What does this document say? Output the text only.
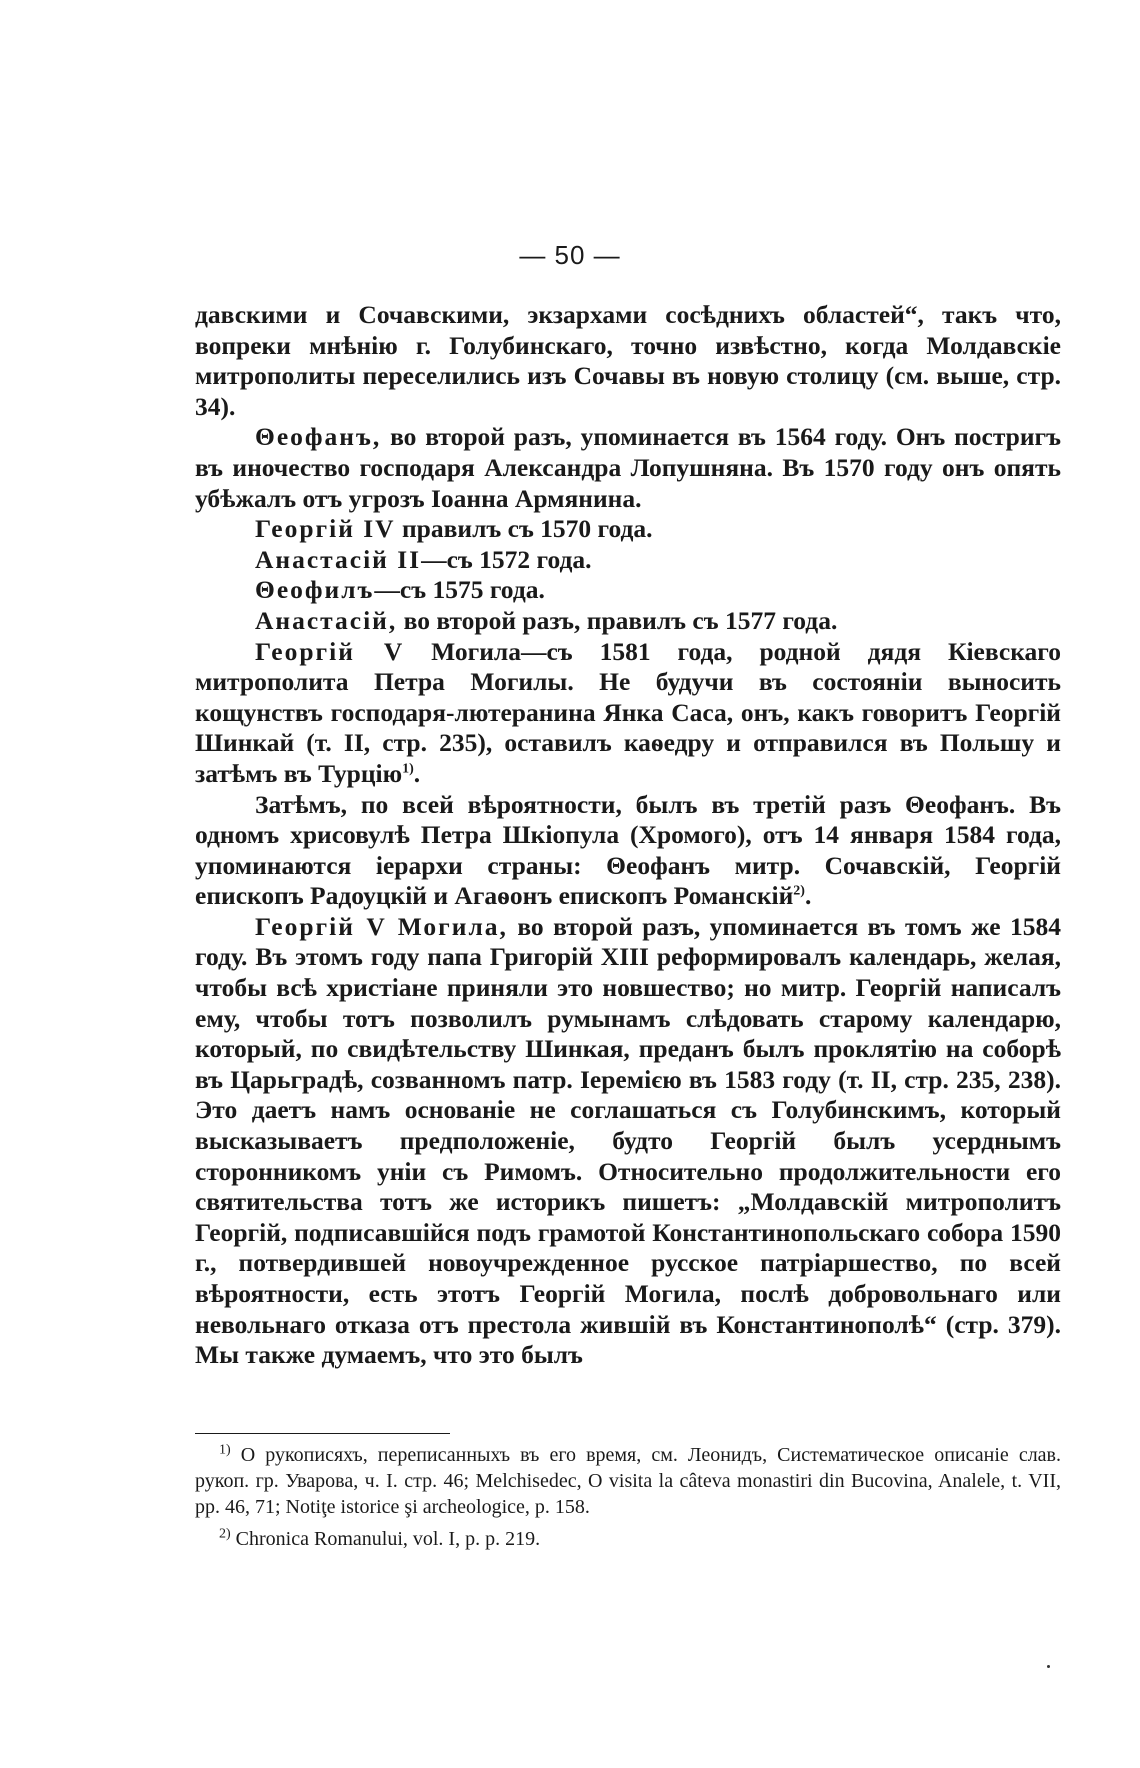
— 50 —

давскими и Сочавскими, экзархами сосѣднихъ областей“, такъ что, вопреки мнѣнію г. Голубинскаго, точно извѣстно, когда Молдавскіе митрополиты переселились изъ Сочавы въ новую столицу (см. выше, стр. 34).

Θеофанъ, во второй разъ, упоминается въ 1564 году. Онъ постригъ въ иночество господаря Александра Лопушняна. Въ 1570 году онъ опять убѣжалъ отъ угрозъ Іоанна Армянина.

Георгій IV правилъ съ 1570 года.

Анастасій II—съ 1572 года.

Θеофилъ—съ 1575 года.

Анастасій, во второй разъ, правилъ съ 1577 года.

Георгій V Могила—съ 1581 года, родной дядя Кіевскаго митрополита Петра Могилы. Не будучи въ состояніи выносить кощунствъ господаря-лютеранина Янка Саса, онъ, какъ говоритъ Георгій Шинкай (т. II, стр. 235), оставилъ каѳедру и отправился въ Польшу и затѣмъ въ Турцію$^{1)}$.

Затѣмъ, по всей вѣроятности, былъ въ третій разъ Θеофанъ. Въ одномъ хрисовулѣ Петра Шкіопула (Хромого), отъ 14 января 1584 года, упоминаются іерархи страны: Θеофанъ митр. Сочавскій, Георгій епископъ Радоуцкій и Агаѳонъ епископъ Романскій$^{2)}$.

Георгій V Могила, во второй разъ, упоминается въ томъ же 1584 году. Въ этомъ году папа Григорій XIII реформировалъ календарь, желая, чтобы всѣ христіане приняли это новшество; но митр. Георгій написалъ ему, чтобы тотъ позволилъ румынамъ слѣдовать старому календарю, который, по свидѣтельству Шинкая, преданъ былъ проклятію на соборѣ въ Царьградѣ, созванномъ патр. Іеремією въ 1583 году (т. II, стр. 235, 238). Это даетъ намъ основаніе не соглашаться съ Голубинскимъ, который высказываетъ предположеніе, будто Георгій былъ усерднымъ сторонникомъ уніи съ Римомъ. Относительно продолжительности его святительства тотъ же историкъ пишетъ: „Молдавскій митрополитъ Георгій, подписавшійся подъ грамотой Константинопольскаго собора 1590 г., потвердившей новоучрежденное русское патріаршество, по всей вѣроятности, есть этотъ Георгій Могила, послѣ добровольнаго или невольнаго отказа отъ престола жившій въ Константинополѣ“ (стр. 379). Мы также думаемъ, что это былъ

$^{1)}$ О рукописяхъ, переписанныхъ въ его время, см. Леонидъ, Систематическое описаніе слав. рукоп. гр. Уварова, ч. I. стр. 46; Melchisedec, O visita la câteva monastiri din Bucovina, Analele, t. VII, pp. 46, 71; Notiţe istorice şi archeologice, p. 158.

$^{2)}$ Chronica Romanului, vol. I, p. p. 219.
